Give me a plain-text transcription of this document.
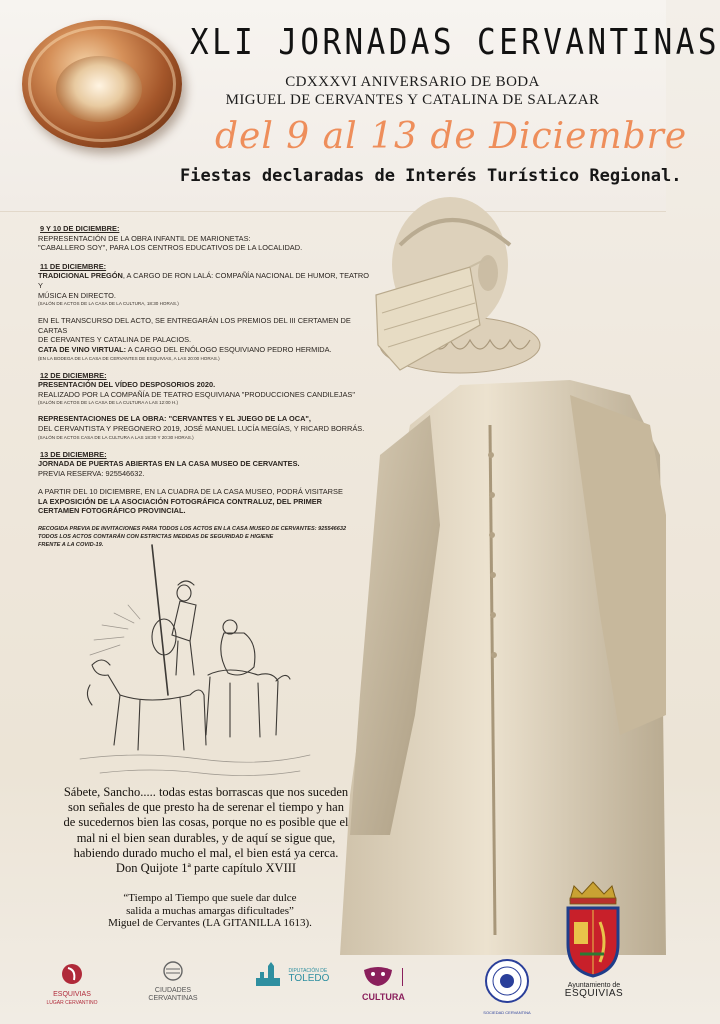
XLI JORNADAS CERVANTINAS
CDXXXVI ANIVERSARIO DE BODA
MIGUEL DE CERVANTES Y CATALINA DE SALAZAR
del 9 al 13 de Diciembre
Fiestas declaradas de Interés Turístico Regional.
9 Y 10 DE DICIEMBRE:
REPRESENTACIÓN DE LA OBRA INFANTIL DE MARIONETAS:
"CABALLERO SOY", PARA LOS CENTROS EDUCATIVOS DE LA LOCALIDAD.
11 DE DICIEMBRE:
TRADICIONAL PREGÓN, A CARGO DE RON LALÁ: COMPAÑÍA NACIONAL DE HUMOR, TEATRO Y
MÚSICA EN DIRECTO.
(SALÓN DE ACTOS DE LA CASA DE LA CULTURA, 18:30 HORAS.)
EN EL TRANSCURSO DEL ACTO, SE ENTREGARÁN LOS PREMIOS DEL III CERTAMEN DE CARTAS
DE CERVANTES Y CATALINA DE PALACIOS.
CATA DE VINO VIRTUAL: A CARGO DEL ENÓLOGO ESQUIVIANO PEDRO HERMIDA.
(EN LA BODEGA DE LA CASA DE CERVANTES DE ESQUIVIAS, A LAS 20:00 HORAS.)
12 DE DICIEMBRE:
PRESENTACIÓN DEL VÍDEO DESPOSORIOS 2020.
REALIZADO POR LA COMPAÑÍA DE TEATRO ESQUIVIANA "PRODUCCIONES CANDILEJAS"
(SALÓN DE ACTOS DE LA CASA DE LA CULTURA A LAS 12:00 H.)
REPRESENTACIONES DE LA OBRA: "CERVANTES Y EL JUEGO DE LA OCA",
DEL CERVANTISTA Y PREGONERO 2019, JOSÉ MANUEL LUCÍA MEGÍAS, Y RICARD BORRÁS.
(SALÓN DE ACTOS CASA DE LA CULTURA A LAS 18:30 Y 20:30 HORAS.)
13 DE DICIEMBRE:
JORNADA DE PUERTAS ABIERTAS EN LA CASA MUSEO DE CERVANTES.
PREVIA RESERVA: 925546632.
A PARTIR DEL 10 DICIEMBRE, EN LA CUADRA DE LA CASA MUSEO, PODRÁ VISITARSE
LA EXPOSICIÓN DE LA ASOCIACIÓN FOTOGRÁFICA CONTRALUZ, DEL PRIMER
CERTAMEN FOTOGRÁFICO PROVINCIAL.
RECOGIDA PREVIA DE INVITACIONES PARA TODOS LOS ACTOS EN LA CASA MUSEO DE CERVANTES: 925546632
TODOS LOS ACTOS CONTARÁN CON ESTRICTAS MEDIDAS DE SEGURIDAD E HIGIENE
FRENTE A LA COVID-19.
Sábete, Sancho..... todas estas borrascas que nos suceden
son señales de que presto ha de serenar el tiempo y han
de sucedernos bien las cosas, porque no es posible que el
mal ni el bien sean durables, y de aquí se sigue que,
habiendo durado mucho el mal, el bien está ya cerca.
Don Quijote 1ª parte capítulo XVIII
“Tiempo al Tiempo que suele dar dulce
salida a muchas amargas dificultades”
Miguel de Cervantes (LA GITANILLA 1613).
Ayuntamiento de
ESQUIVIAS
ESQUIVIAS
LUGAR CERVANTINO
CIUDADES
CERVANTINAS

DIPUTACIÓN DE
TOLEDO
CULTURA
SOCIEDAD CERVANTINA
